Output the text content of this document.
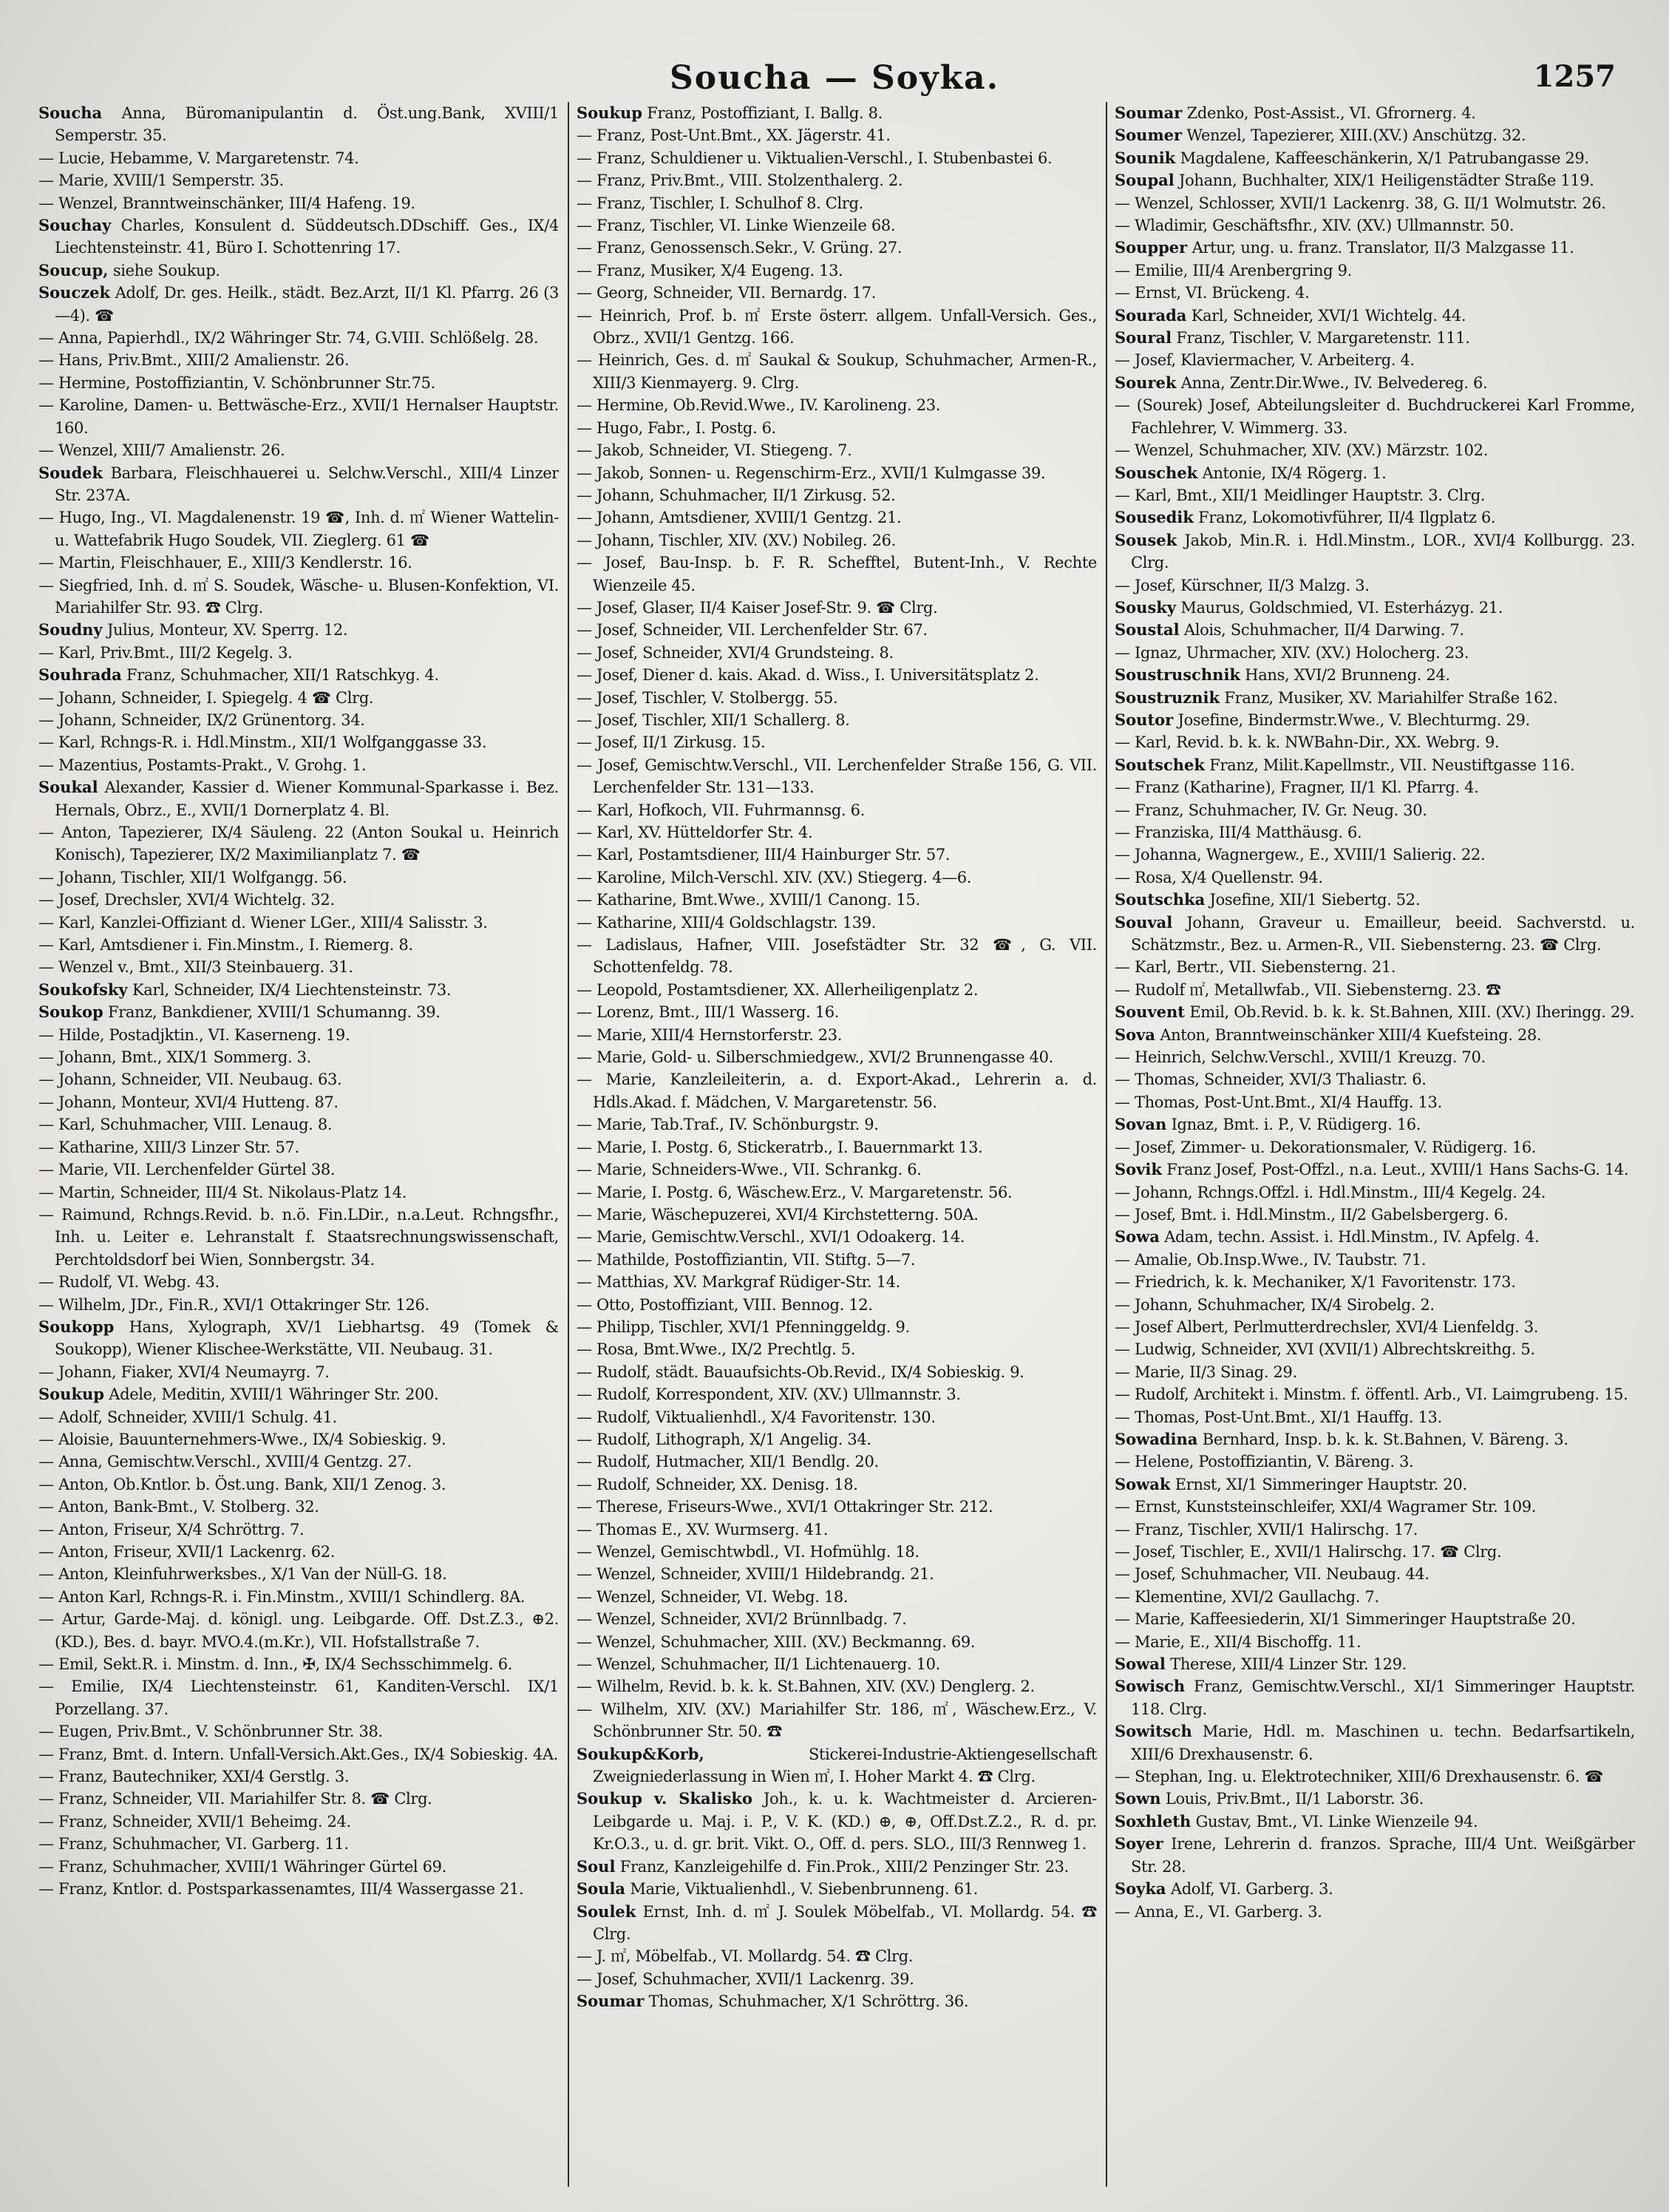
Soucha — Soyka.	1257

Soucha Anna, Büromanipulantin d. Öst.ung.Bank, XVIII/1 Semperstr. 35.

— Lucie, Hebamme, V. Margaretenstr. 74.

— Marie, XVIII/1 Semperstr. 35.

— Wenzel, Branntweinschänker, III/4 Hafeng. 19.

Souchay Charles, Konsulent d. Süddeutsch.DDschiff. Ges., IX/4 Liechtensteinstr. 41, Büro I. Schottenring 17.

Soucup, siehe Soukup.

Souczek Adolf, Dr. ges. Heilk., städt. Bez.Arzt, II/1 Kl. Pfarrg. 26 (3—4). ☎

— Anna, Papierhdl., IX/2 Währinger Str. 74, G.VIII. Schlößelg. 28.

— Hans, Priv.Bmt., XIII/2 Amalienstr. 26.

— Hermine, Postoffiziantin, V. Schönbrunner Str.75.

— Karoline, Damen- u. Bettwäsche-Erz., XVII/1 Hernalser Hauptstr. 160.

— Wenzel, XIII/7 Amalienstr. 26.

Soudek Barbara, Fleischhauerei u. Selchw.Verschl., XIII/4 Linzer Str. 237A.

— Hugo, Ing., VI. Magdalenenstr. 19 ☎, Inh. d. ㎡ Wiener Wattelin- u. Wattefabrik Hugo Soudek, VII. Zieglerg. 61 ☎

— Martin, Fleischhauer, E., XIII/3 Kendlerstr. 16.

— Siegfried, Inh. d. ㎡ S. Soudek, Wäsche- u. Blusen-Konfektion, VI. Mariahilfer Str. 93. ☎ Clrg.

Soudny Julius, Monteur, XV. Sperrg. 12.

— Karl, Priv.Bmt., III/2 Kegelg. 3.

Souhrada Franz, Schuhmacher, XII/1 Ratschkyg. 4.

— Johann, Schneider, I. Spiegelg. 4 ☎ Clrg.

— Johann, Schneider, IX/2 Grünentorg. 34.

— Karl, Rchngs-R. i. Hdl.Minstm., XII/1 Wolfganggasse 33.

— Mazentius, Postamts-Prakt., V. Grohg. 1.

Soukal Alexander, Kassier d. Wiener Kommunal-Sparkasse i. Bez. Hernals, Obrz., E., XVII/1 Dornerplatz 4. Bl.

— Anton, Tapezierer, IX/4 Säuleng. 22 (Anton Soukal u. Heinrich Konisch), Tapezierer, IX/2 Maximilianplatz 7. ☎

— Johann, Tischler, XII/1 Wolfgangg. 56.

— Josef, Drechsler, XVI/4 Wichtelg. 32.

— Karl, Kanzlei-Offiziant d. Wiener LGer., XIII/4 Salisstr. 3.

— Karl, Amtsdiener i. Fin.Minstm., I. Riemerg. 8.

— Wenzel v., Bmt., XII/3 Steinbauerg. 31.

Soukofsky Karl, Schneider, IX/4 Liechtensteinstr. 73.

Soukop Franz, Bankdiener, XVIII/1 Schumanng. 39.

— Hilde, Postadjktin., VI. Kaserneng. 19.

— Johann, Bmt., XIX/1 Sommerg. 3.

— Johann, Schneider, VII. Neubaug. 63.

— Johann, Monteur, XVI/4 Hutteng. 87.

— Karl, Schuhmacher, VIII. Lenaug. 8.

— Katharine, XIII/3 Linzer Str. 57.

— Marie, VII. Lerchenfelder Gürtel 38.

— Martin, Schneider, III/4 St. Nikolaus-Platz 14.

— Raimund, Rchngs.Revid. b. n.ö. Fin.LDir., n.a.Leut. Rchngsfhr., Inh. u. Leiter e. Lehranstalt f. Staatsrechnungswissenschaft, Perchtoldsdorf bei Wien, Sonnbergstr. 34.

— Rudolf, VI. Webg. 43.

— Wilhelm, JDr., Fin.R., XVI/1 Ottakringer Str. 126.

Soukopp Hans, Xylograph, XV/1 Liebhartsg. 49 (Tomek & Soukopp), Wiener Klischee-Werkstätte, VII. Neubaug. 31.

— Johann, Fiaker, XVI/4 Neumayrg. 7.

Soukup Adele, Meditin, XVIII/1 Währinger Str. 200.

— Adolf, Schneider, XVIII/1 Schulg. 41.

— Aloisie, Bauunternehmers-Wwe., IX/4 Sobieskig. 9.

— Anna, Gemischtw.Verschl., XVIII/4 Gentzg. 27.

— Anton, Ob.Kntlor. b. Öst.ung. Bank, XII/1 Zenog. 3.

— Anton, Bank-Bmt., V. Stolberg. 32.

— Anton, Friseur, X/4 Schröttrg. 7.

— Anton, Friseur, XVII/1 Lackenrg. 62.

— Anton, Kleinfuhrwerksbes., X/1 Van der Nüll-G. 18.

— Anton Karl, Rchngs-R. i. Fin.Minstm., XVIII/1 Schindlerg. 8A.

— Artur, Garde-Maj. d. königl. ung. Leibgarde. Off. Dst.Z.3., ⊕2.(KD.), Bes. d. bayr. MVO.4.(m.Kr.), VII. Hofstallstraße 7.

— Emil, Sekt.R. i. Minstm. d. Inn., ✠, IX/4 Sechsschimmelg. 6.

— Emilie, IX/4 Liechtensteinstr. 61, Kanditen-Verschl. IX/1 Porzellang. 37.

— Eugen, Priv.Bmt., V. Schönbrunner Str. 38.

— Franz, Bmt. d. Intern. Unfall-Versich.Akt.Ges., IX/4 Sobieskig. 4A.

— Franz, Bautechniker, XXI/4 Gerstlg. 3.

— Franz, Schneider, VII. Mariahilfer Str. 8. ☎ Clrg.

— Franz, Schneider, XVII/1 Beheimg. 24.

— Franz, Schuhmacher, VI. Garberg. 11.

— Franz, Schuhmacher, XVIII/1 Währinger Gürtel 69.

— Franz, Kntlor. d. Postsparkassenamtes, III/4 Wassergasse 21.

Soukup Franz, Postoffiziant, I. Ballg. 8.

— Franz, Post-Unt.Bmt., XX. Jägerstr. 41.

— Franz, Schuldiener u. Viktualien-Verschl., I. Stubenbastei 6.

— Franz, Priv.Bmt., VIII. Stolzenthalerg. 2.

— Franz, Tischler, I. Schulhof 8. Clrg.

— Franz, Tischler, VI. Linke Wienzeile 68.

— Franz, Genossensch.Sekr., V. Grüng. 27.

— Franz, Musiker, X/4 Eugeng. 13.

— Georg, Schneider, VII. Bernardg. 17.

— Heinrich, Prof. b. ㎡ Erste österr. allgem. Unfall-Versich. Ges., Obrz., XVII/1 Gentzg. 166.

— Heinrich, Ges. d. ㎡ Saukal & Soukup, Schuhmacher, Armen-R., XIII/3 Kienmayerg. 9. Clrg.

— Hermine, Ob.Revid.Wwe., IV. Karolineng. 23.

— Hugo, Fabr., I. Postg. 6.

— Jakob, Schneider, VI. Stiegeng. 7.

— Jakob, Sonnen- u. Regenschirm-Erz., XVII/1 Kulmgasse 39.

— Johann, Schuhmacher, II/1 Zirkusg. 52.

— Johann, Amtsdiener, XVIII/1 Gentzg. 21.

— Johann, Tischler, XIV. (XV.) Nobileg. 26.

— Josef, Bau-Insp. b. F. R. Schefftel, Butent-Inh., V. Rechte Wienzeile 45.

— Josef, Glaser, II/4 Kaiser Josef-Str. 9. ☎ Clrg.

— Josef, Schneider, VII. Lerchenfelder Str. 67.

— Josef, Schneider, XVI/4 Grundsteing. 8.

— Josef, Diener d. kais. Akad. d. Wiss., I. Universitätsplatz 2.

— Josef, Tischler, V. Stolbergg. 55.

— Josef, Tischler, XII/1 Schallerg. 8.

— Josef, II/1 Zirkusg. 15.

— Josef, Gemischtw.Verschl., VII. Lerchenfelder Straße 156, G. VII. Lerchenfelder Str. 131—133.

— Karl, Hofkoch, VII. Fuhrmannsg. 6.

— Karl, XV. Hütteldorfer Str. 4.

— Karl, Postamtsdiener, III/4 Hainburger Str. 57.

— Karoline, Milch-Verschl. XIV. (XV.) Stiegerg. 4—6.

— Katharine, Bmt.Wwe., XVIII/1 Canong. 15.

— Katharine, XIII/4 Goldschlagstr. 139.

— Ladislaus, Hafner, VIII. Josefstädter Str. 32 ☎, G. VII. Schottenfeldg. 78.

— Leopold, Postamtsdiener, XX. Allerheiligenplatz 2.

— Lorenz, Bmt., III/1 Wasserg. 16.

— Marie, XIII/4 Hernstorferstr. 23.

— Marie, Gold- u. Silberschmiedgew., XVI/2 Brunnengasse 40.

— Marie, Kanzleileiterin, a. d. Export-Akad., Lehrerin a. d. Hdls.Akad. f. Mädchen, V. Margaretenstr. 56.

— Marie, Tab.Traf., IV. Schönburgstr. 9.

— Marie, I. Postg. 6, Stickeratrb., I. Bauernmarkt 13.

— Marie, Schneiders-Wwe., VII. Schrankg. 6.

— Marie, I. Postg. 6, Wäschew.Erz., V. Margaretenstr. 56.

— Marie, Wäschepuzerei, XVI/4 Kirchstetterng. 50A.

— Marie, Gemischtw.Verschl., XVI/1 Odoakerg. 14.

— Mathilde, Postoffiziantin, VII. Stiftg. 5—7.

— Matthias, XV. Markgraf Rüdiger-Str. 14.

— Otto, Postoffiziant, VIII. Bennog. 12.

— Philipp, Tischler, XVI/1 Pfenninggeldg. 9.

— Rosa, Bmt.Wwe., IX/2 Prechtlg. 5.

— Rudolf, städt. Bauaufsichts-Ob.Revid., IX/4 Sobieskig. 9.

— Rudolf, Korrespondent, XIV. (XV.) Ullmannstr. 3.

— Rudolf, Viktualienhdl., X/4 Favoritenstr. 130.

— Rudolf, Lithograph, X/1 Angelig. 34.

— Rudolf, Hutmacher, XII/1 Bendlg. 20.

— Rudolf, Schneider, XX. Denisg. 18.

— Therese, Friseurs-Wwe., XVI/1 Ottakringer Str. 212.

— Thomas E., XV. Wurmserg. 41.

— Wenzel, Gemischtwbdl., VI. Hofmühlg. 18.

— Wenzel, Schneider, XVIII/1 Hildebrandg. 21.

— Wenzel, Schneider, VI. Webg. 18.

— Wenzel, Schneider, XVI/2 Brünnlbadg. 7.

— Wenzel, Schuhmacher, XIII. (XV.) Beckmanng. 69.

— Wenzel, Schuhmacher, II/1 Lichtenauerg. 10.

— Wilhelm, Revid. b. k. k. St.Bahnen, XIV. (XV.) Denglerg. 2.

— Wilhelm, XIV. (XV.) Mariahilfer Str. 186, ㎡, Wäschew.Erz., V. Schönbrunner Str. 50. ☎

Soukup&Korb,	Stickerei-Industrie-Aktiengesellschaft Zweigniederlassung in Wien ㎡, I. Hoher Markt 4. ☎ Clrg.

Soukup v. Skalisko Joh., k. u. k. Wachtmeister d. Arcieren-Leibgarde u. Maj. i. P., V. K. (KD.) ⊕, ⊕, Off.Dst.Z.2., R. d. pr. Kr.O.3., u. d. gr. brit. Vikt. O., Off. d. pers. SLO., III/3 Rennweg 1.

Soul Franz, Kanzleigehilfe d. Fin.Prok., XIII/2 Penzinger Str. 23.

Soula Marie, Viktualienhdl., V. Siebenbrunneng. 61.

Soulek Ernst, Inh. d. ㎡ J. Soulek Möbelfab., VI. Mollardg. 54. ☎ Clrg.

— J. ㎡, Möbelfab., VI. Mollardg. 54. ☎ Clrg.

— Josef, Schuhmacher, XVII/1 Lackenrg. 39.

Soumar Thomas, Schuhmacher, X/1 Schröttrg. 36.

Soumar Zdenko, Post-Assist., VI. Gfrornerg. 4.

Soumer Wenzel, Tapezierer, XIII.(XV.) Anschützg. 32.

Sounik Magdalene, Kaffeeschänkerin, X/1 Patrubangasse 29.

Soupal Johann, Buchhalter, XIX/1 Heiligenstädter Straße 119.

— Wenzel, Schlosser, XVII/1 Lackenrg. 38, G. II/1 Wolmutstr. 26.

— Wladimir, Geschäftsfhr., XIV. (XV.) Ullmannstr. 50.

Soupper Artur, ung. u. franz. Translator, II/3 Malzgasse 11.

— Emilie, III/4 Arenbergring 9.

— Ernst, VI. Brückeng. 4.

Sourada Karl, Schneider, XVI/1 Wichtelg. 44.

Soural Franz, Tischler, V. Margaretenstr. 111.

— Josef, Klaviermacher, V. Arbeiterg. 4.

Sourek Anna, Zentr.Dir.Wwe., IV. Belvedereg. 6.

— (Sourek) Josef, Abteilungsleiter d. Buchdruckerei Karl Fromme, Fachlehrer, V. Wimmerg. 33.

— Wenzel, Schuhmacher, XIV. (XV.) Märzstr. 102.

Souschek Antonie, IX/4 Rögerg. 1.

— Karl, Bmt., XII/1 Meidlinger Hauptstr. 3. Clrg.

Sousedik Franz, Lokomotivführer, II/4 Ilgplatz 6.

Sousek Jakob, Min.R. i. Hdl.Minstm., LOR., XVI/4 Kollburgg. 23. Clrg.

— Josef, Kürschner, II/3 Malzg. 3.

Sousky Maurus, Goldschmied, VI. Esterházyg. 21.

Soustal Alois, Schuhmacher, II/4 Darwing. 7.

— Ignaz, Uhrmacher, XIV. (XV.) Holocherg. 23.

Soustruschnik Hans, XVI/2 Brunneng. 24.

Soustruznik Franz, Musiker, XV. Mariahilfer Straße 162.

Soutor Josefine, Bindermstr.Wwe., V. Blechturmg. 29.

— Karl, Revid. b. k. k. NWBahn-Dir., XX. Webrg. 9.

Soutschek Franz, Milit.Kapellmstr., VII. Neustiftgasse 116.

— Franz (Katharine), Fragner, II/1 Kl. Pfarrg. 4.

— Franz, Schuhmacher, IV. Gr. Neug. 30.

— Franziska, III/4 Matthäusg. 6.

— Johanna, Wagnergew., E., XVIII/1 Salierig. 22.

— Rosa, X/4 Quellenstr. 94.

Soutschka Josefine, XII/1 Siebertg. 52.

Souval Johann, Graveur u. Emailleur, beeid. Sachverstd. u. Schätzmstr., Bez. u. Armen-R., VII. Siebensterng. 23. ☎ Clrg.

— Karl, Bertr., VII. Siebensterng. 21.

— Rudolf ㎡, Metallwfab., VII. Siebensterng. 23. ☎

Souvent Emil, Ob.Revid. b. k. k. St.Bahnen, XIII. (XV.) Iheringg. 29.

Sova Anton, Branntweinschänker XIII/4 Kuefsteing. 28.

— Heinrich, Selchw.Verschl., XVIII/1 Kreuzg. 70.

— Thomas, Schneider, XVI/3 Thaliastr. 6.

— Thomas, Post-Unt.Bmt., XI/4 Hauffg. 13.

Sovan Ignaz, Bmt. i. P., V. Rüdigerg. 16.

— Josef, Zimmer- u. Dekorationsmaler, V. Rüdigerg. 16.

Sovik Franz Josef, Post-Offzl., n.a. Leut., XVIII/1 Hans Sachs-G. 14.

— Johann, Rchngs.Offzl. i. Hdl.Minstm., III/4 Kegelg. 24.

— Josef, Bmt. i. Hdl.Minstm., II/2 Gabelsbergerg. 6.

Sowa Adam, techn. Assist. i. Hdl.Minstm., IV. Apfelg. 4.

— Amalie, Ob.Insp.Wwe., IV. Taubstr. 71.

— Friedrich, k. k. Mechaniker, X/1 Favoritenstr. 173.

— Johann, Schuhmacher, IX/4 Sirobelg. 2.

— Josef Albert, Perlmutterdrechsler, XVI/4 Lienfeldg. 3.

— Ludwig, Schneider, XVI (XVII/1) Albrechtskreithg. 5.

— Marie, II/3 Sinag. 29.

— Rudolf, Architekt i. Minstm. f. öffentl. Arb., VI. Laimgrubeng. 15.

— Thomas, Post-Unt.Bmt., XI/1 Hauffg. 13.

Sowadina Bernhard, Insp. b. k. k. St.Bahnen, V. Bäreng. 3.

— Helene, Postoffiziantin, V. Bäreng. 3.

Sowak Ernst, XI/1 Simmeringer Hauptstr. 20.

— Ernst, Kunststeinschleifer, XXI/4 Wagramer Str. 109.

— Franz, Tischler, XVII/1 Halirschg. 17.

— Josef, Tischler, E., XVII/1 Halirschg. 17. ☎ Clrg.

— Josef, Schuhmacher, VII. Neubaug. 44.

— Klementine, XVI/2 Gaullachg. 7.

— Marie, Kaffeesiederin, XI/1 Simmeringer Hauptstraße 20.

— Marie, E., XII/4 Bischoffg. 11.

Sowal Therese, XIII/4 Linzer Str. 129.

Sowisch Franz, Gemischtw.Verschl., XI/1 Simmeringer Hauptstr. 118. Clrg.

Sowitsch Marie, Hdl. m. Maschinen u. techn. Bedarfsartikeln, XIII/6 Drexhausenstr. 6.

— Stephan, Ing. u. Elektrotechniker, XIII/6 Drexhausenstr. 6. ☎

Sown Louis, Priv.Bmt., II/1 Laborstr. 36.

Soxhleth Gustav, Bmt., VI. Linke Wienzeile 94.

Soyer Irene, Lehrerin d. franzos. Sprache, III/4 Unt. Weißgärber Str. 28.

Soyka Adolf, VI. Garberg. 3.

— Anna, E., VI. Garberg. 3.
